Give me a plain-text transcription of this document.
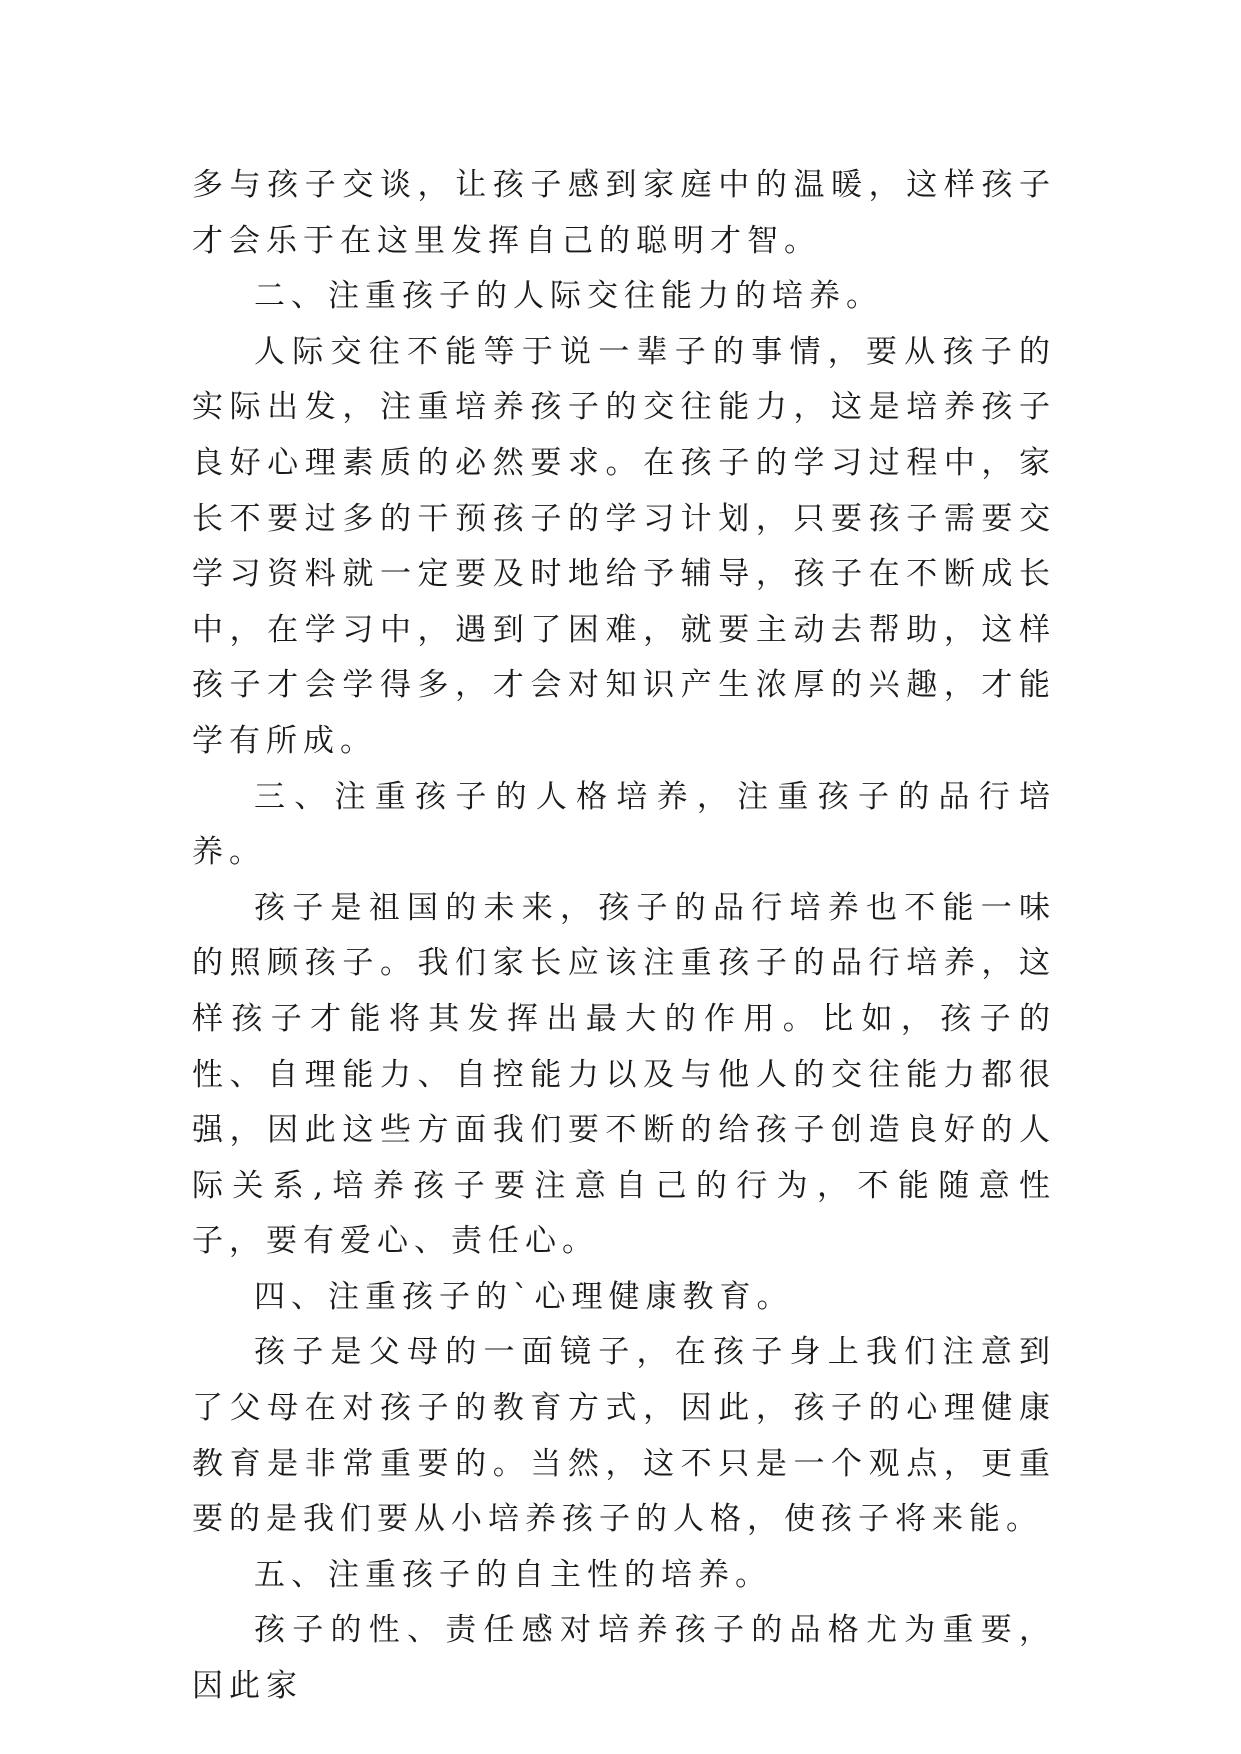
多与孩子交谈，让孩子感到家庭中的温暖，这样孩子才会乐于在这里发挥自己的聪明才智。

二、注重孩子的人际交往能力的培养。

人际交往不能等于说一辈子的事情，要从孩子的实际出发，注重培养孩子的交往能力，这是培养孩子良好心理素质的必然要求。在孩子的学习过程中，家长不要过多的干预孩子的学习计划，只要孩子需要交学习资料就一定要及时地给予辅导，孩子在不断成长中，在学习中，遇到了困难，就要主动去帮助，这样孩子才会学得多，才会对知识产生浓厚的兴趣，才能学有所成。

三、注重孩子的人格培养，注重孩子的品行培养。

孩子是祖国的未来，孩子的品行培养也不能一味的照顾孩子。我们家长应该注重孩子的品行培养，这样孩子才能将其发挥出最大的作用。比如，孩子的性、自理能力、自控能力以及与他人的交往能力都很强，因此这些方面我们要不断的给孩子创造良好的人际关系,培养孩子要注意自己的行为，不能随意性子，要有爱心、责任心。

四、注重孩子的`心理健康教育。

孩子是父母的一面镜子，在孩子身上我们注意到了父母在对孩子的教育方式，因此，孩子的心理健康教育是非常重要的。当然，这不只是一个观点，更重要的是我们要从小培养孩子的人格，使孩子将来能。

五、注重孩子的自主性的培养。

孩子的性、责任感对培养孩子的品格尤为重要，因此家
